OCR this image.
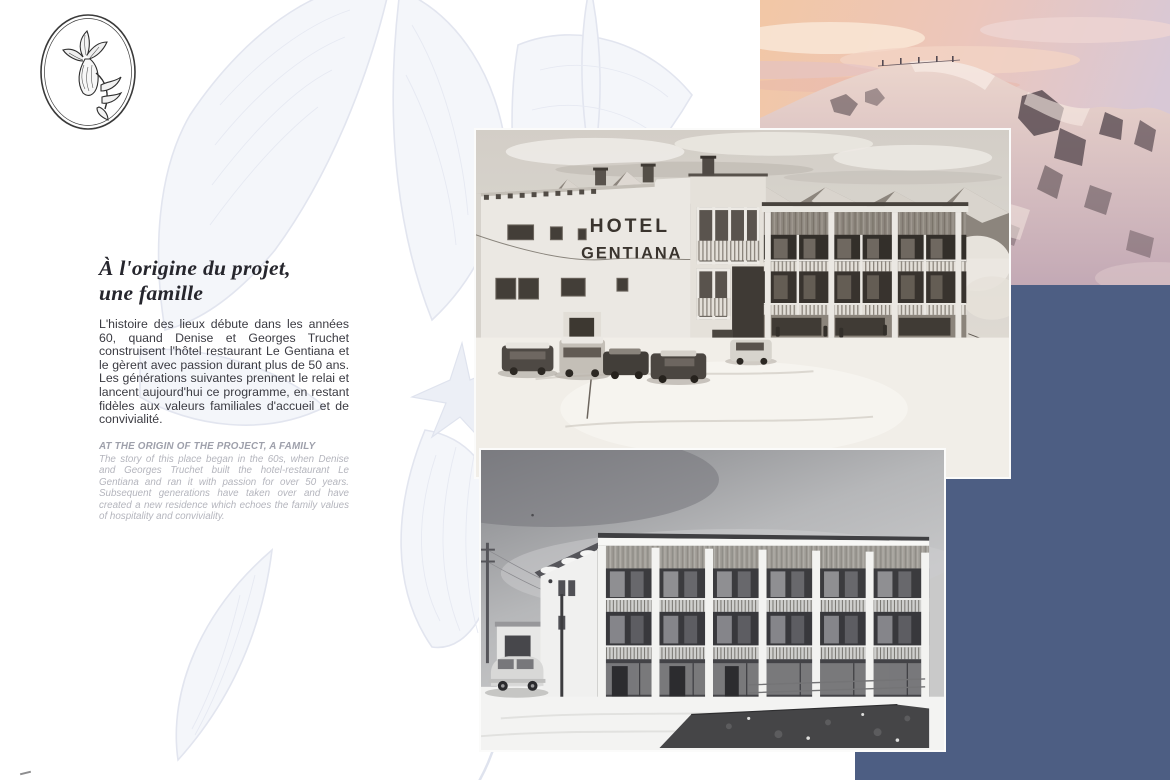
À l'origine du projet,
une famille

L'histoire des lieux débute dans les années 60, quand Denise et Georges Truchet construisent l'hôtel restaurant Le Gentiana et le gèrent avec passion durant plus de 50 ans. Les générations suivantes prennent le relai et lancent aujourd'hui ce programme, en restant fidèles aux valeurs familiales d'accueil et de convivialité.

AT THE ORIGIN OF THE PROJECT, A FAMILY

The story of this place began in the 60s, when Denise and Georges Truchet built the hotel-restaurant Le Gentiana and ran it with passion for over 50 years. Subsequent generations have taken over and have created a new residence which echoes the family values of hospitality and conviviality.

HOTEL
GENTIANA
